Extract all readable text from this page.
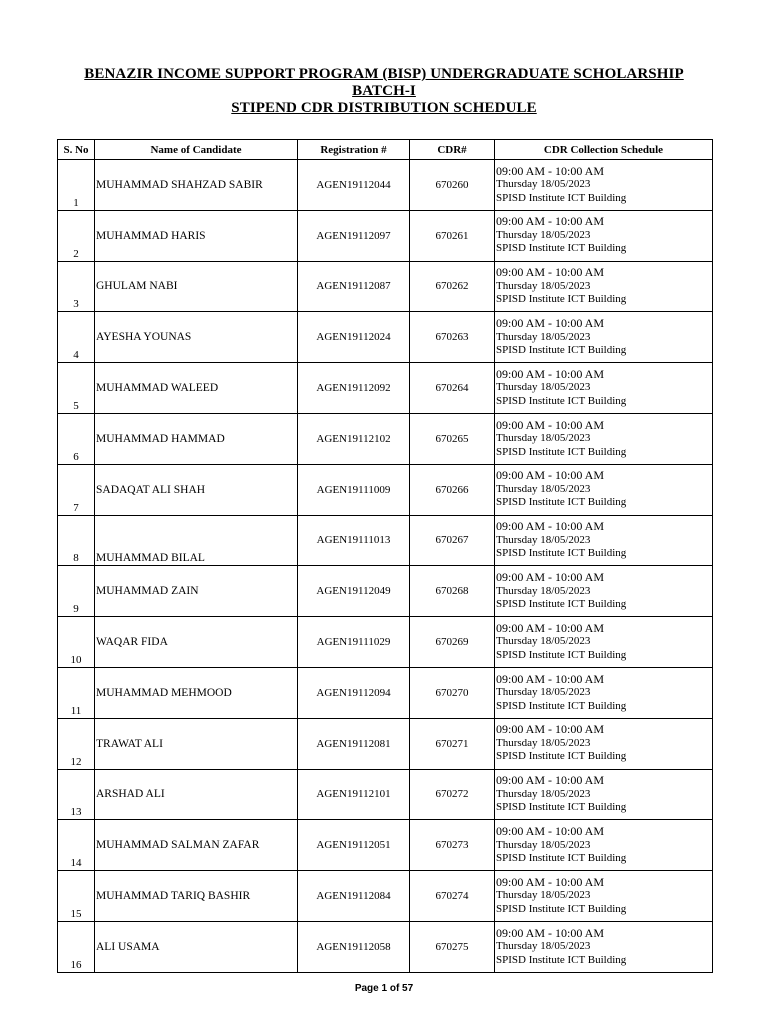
BENAZIR INCOME SUPPORT PROGRAM (BISP) UNDERGRADUATE SCHOLARSHIP
BATCH-I
STIPEND CDR DISTRIBUTION SCHEDULE
S. No	Name of Candidate	Registration #	CDR#	CDR Collection Schedule
1	MUHAMMAD SHAHZAD SABIR	AGEN19112044	670260	09:00 AM - 10:00 AM
Thursday 18/05/2023
SPISD Institute ICT Building

2	MUHAMMAD HARIS	AGEN19112097	670261	09:00 AM - 10:00 AM
Thursday 18/05/2023
SPISD Institute ICT Building

3	GHULAM NABI	AGEN19112087	670262	09:00 AM - 10:00 AM
Thursday 18/05/2023
SPISD Institute ICT Building

4	AYESHA YOUNAS	AGEN19112024	670263	09:00 AM - 10:00 AM
Thursday 18/05/2023
SPISD Institute ICT Building

5	MUHAMMAD WALEED	AGEN19112092	670264	09:00 AM - 10:00 AM
Thursday 18/05/2023
SPISD Institute ICT Building

6	MUHAMMAD HAMMAD	AGEN19112102	670265	09:00 AM - 10:00 AM
Thursday 18/05/2023
SPISD Institute ICT Building

7	SADAQAT ALI SHAH	AGEN19111009	670266	09:00 AM - 10:00 AM
Thursday 18/05/2023
SPISD Institute ICT Building

8	MUHAMMAD BILAL	AGEN19111013	670267	09:00 AM - 10:00 AM
Thursday 18/05/2023
SPISD Institute ICT Building

9	MUHAMMAD ZAIN	AGEN19112049	670268	09:00 AM - 10:00 AM
Thursday 18/05/2023
SPISD Institute ICT Building

10	WAQAR FIDA	AGEN19111029	670269	09:00 AM - 10:00 AM
Thursday 18/05/2023
SPISD Institute ICT Building

11	MUHAMMAD MEHMOOD	AGEN19112094	670270	09:00 AM - 10:00 AM
Thursday 18/05/2023
SPISD Institute ICT Building

12	TRAWAT ALI	AGEN19112081	670271	09:00 AM - 10:00 AM
Thursday 18/05/2023
SPISD Institute ICT Building

13	ARSHAD ALI	AGEN19112101	670272	09:00 AM - 10:00 AM
Thursday 18/05/2023
SPISD Institute ICT Building

14	MUHAMMAD SALMAN ZAFAR	AGEN19112051	670273	09:00 AM - 10:00 AM
Thursday 18/05/2023
SPISD Institute ICT Building

15	MUHAMMAD TARIQ BASHIR	AGEN19112084	670274	09:00 AM - 10:00 AM
Thursday 18/05/2023
SPISD Institute ICT Building

16	ALI USAMA	AGEN19112058	670275	09:00 AM - 10:00 AM
Thursday 18/05/2023
SPISD Institute ICT Building
Page 1 of 57
